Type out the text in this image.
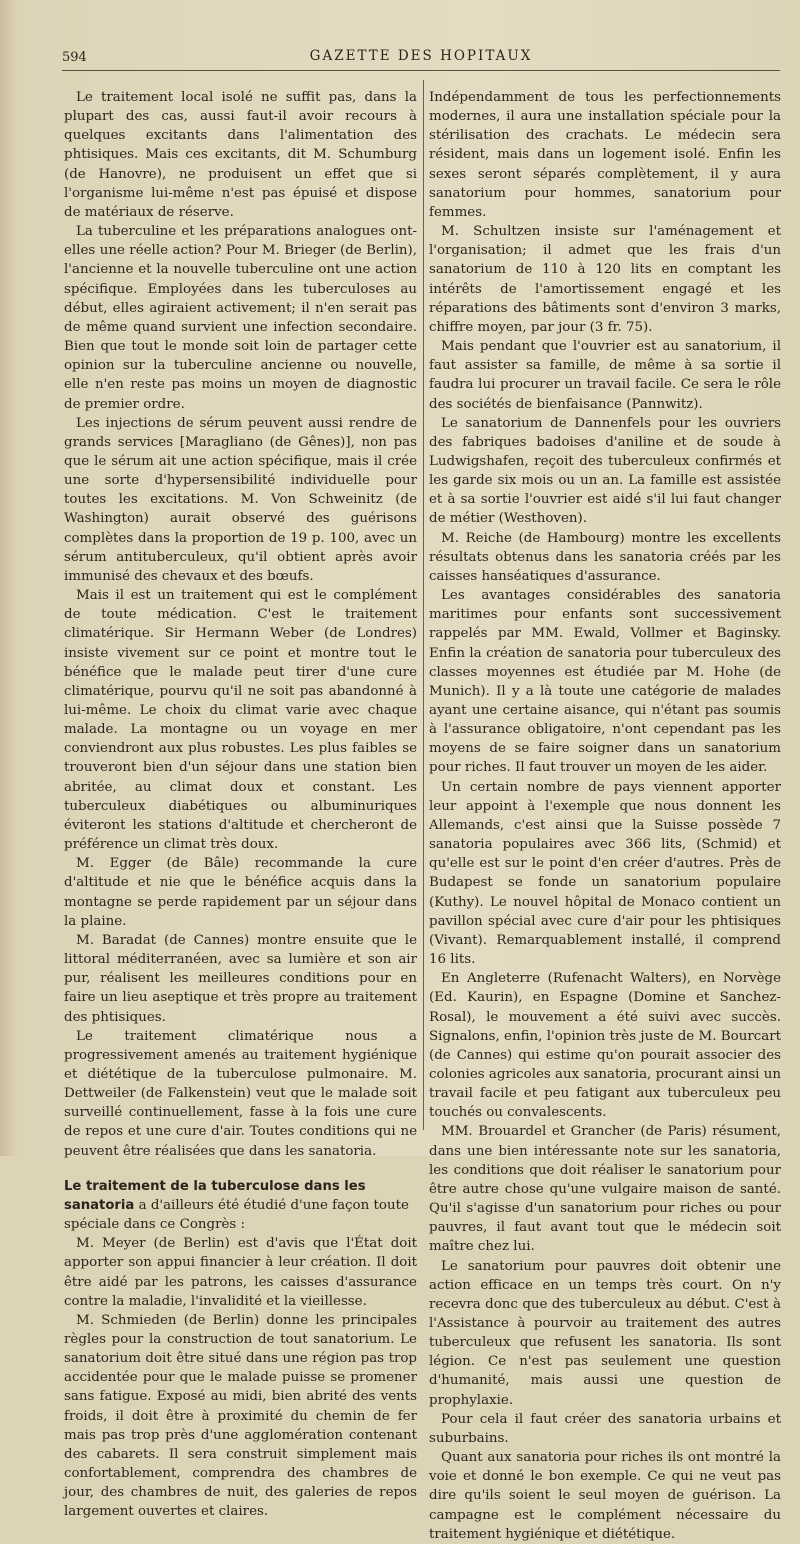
594	GAZETTE DES HOPITAUX

Le traitement local isolé ne suffit pas, dans la plupart des cas, aussi faut-il avoir recours à quelques excitants dans l'alimentation des phtisiques. Mais ces excitants, dit M. Schumburg (de Hanovre), ne produisent un effet que si l'organisme lui-même n'est pas épuisé et dispose de matériaux de réserve.

La tuberculine et les préparations analogues ont-elles une réelle action? Pour M. Brieger (de Berlin), l'ancienne et la nouvelle tuberculine ont une action spécifique. Employées dans les tuberculoses au début, elles agiraient activement; il n'en serait pas de même quand survient une infection secondaire. Bien que tout le monde soit loin de partager cette opinion sur la tuberculine ancienne ou nouvelle, elle n'en reste pas moins un moyen de diagnostic de premier ordre.

Les injections de sérum peuvent aussi rendre de grands services [Maragliano (de Gênes)], non pas que le sérum ait une action spécifique, mais il crée une sorte d'hypersensibilité individuelle pour toutes les excitations. M. Von Schweinitz (de Washington) aurait observé des guérisons complètes dans la proportion de 19 p. 100, avec un sérum antituberculeux, qu'il obtient après avoir immunisé des chevaux et des bœufs.

Mais il est un traitement qui est le complément de toute médication. C'est le traitement climatérique. Sir Hermann Weber (de Londres) insiste vivement sur ce point et montre tout le bénéfice que le malade peut tirer d'une cure climatérique, pourvu qu'il ne soit pas abandonné à lui-même. Le choix du climat varie avec chaque malade. La montagne ou un voyage en mer conviendront aux plus robustes. Les plus faibles se trouveront bien d'un séjour dans une station bien abritée, au climat doux et constant. Les tuberculeux diabétiques ou albuminuriques éviteront les stations d'altitude et chercheront de préférence un climat très doux.

M. Egger (de Bâle) recommande la cure d'altitude et nie que le bénéfice acquis dans la montagne se perde rapidement par un séjour dans la plaine.

M. Baradat (de Cannes) montre ensuite que le littoral méditerranéen, avec sa lumière et son air pur, réalisent les meilleures conditions pour en faire un lieu aseptique et très propre au traitement des phtisiques.

Le traitement climatérique nous a progressivement amenés au traitement hygiénique et diététique de la tuberculose pulmonaire. M. Dettweiler (de Falkenstein) veut que le malade soit surveillé continuellement, fasse à la fois une cure de repos et une cure d'air. Toutes conditions qui ne peuvent être réalisées que dans les sanatoria.

Le traitement de la tuberculose dans les sanatoria a d'ailleurs été étudié d'une façon toute spéciale dans ce Congrès :

M. Meyer (de Berlin) est d'avis que l'État doit apporter son appui financier à leur création. Il doit être aidé par les patrons, les caisses d'assurance contre la maladie, l'invalidité et la vieillesse.

M. Schmieden (de Berlin) donne les principales règles pour la construction de tout sanatorium. Le sanatorium doit être situé dans une région pas trop accidentée pour que le malade puisse se promener sans fatigue. Exposé au midi, bien abrité des vents froids, il doit être à proximité du chemin de fer mais pas trop près d'une agglomération contenant des cabarets. Il sera construit simplement mais confortablement, comprendra des chambres de jour, des chambres de nuit, des galeries de repos largement ouvertes et claires.

Indépendamment de tous les perfectionnements modernes, il aura une installation spéciale pour la stérilisation des crachats. Le médecin sera résident, mais dans un logement isolé. Enfin les sexes seront séparés complètement, il y aura sanatorium pour hommes, sanatorium pour femmes.

M. Schultzen insiste sur l'aménagement et l'organisation; il admet que les frais d'un sanatorium de 110 à 120 lits en comptant les intérêts de l'amortissement engagé et les réparations des bâtiments sont d'environ 3 marks, chiffre moyen, par jour (3 fr. 75).

Mais pendant que l'ouvrier est au sanatorium, il faut assister sa famille, de même à sa sortie il faudra lui procurer un travail facile. Ce sera le rôle des sociétés de bienfaisance (Pannwitz).

Le sanatorium de Dannenfels pour les ouvriers des fabriques badoises d'aniline et de soude à Ludwigshafen, reçoit des tuberculeux confirmés et les garde six mois ou un an. La famille est assistée et à sa sortie l'ouvrier est aidé s'il lui faut changer de métier (Westhoven).

M. Reiche (de Hambourg) montre les excellents résultats obtenus dans les sanatoria créés par les caisses hanséatiques d'assurance.

Les avantages considérables des sanatoria maritimes pour enfants sont successivement rappelés par MM. Ewald, Vollmer et Baginsky. Enfin la création de sanatoria pour tuberculeux des classes moyennes est étudiée par M. Hohe (de Munich). Il y a là toute une catégorie de malades ayant une certaine aisance, qui n'étant pas soumis à l'assurance obligatoire, n'ont cependant pas les moyens de se faire soigner dans un sanatorium pour riches. Il faut trouver un moyen de les aider.

Un certain nombre de pays viennent apporter leur appoint à l'exemple que nous donnent les Allemands, c'est ainsi que la Suisse possède 7 sanatoria populaires avec 366 lits, (Schmid) et qu'elle est sur le point d'en créer d'autres. Près de Budapest se fonde un sanatorium populaire (Kuthy). Le nouvel hôpital de Monaco contient un pavillon spécial avec cure d'air pour les phtisiques (Vivant). Remarquablement installé, il comprend 16 lits.

En Angleterre (Rufenacht Walters), en Norvège (Ed. Kaurin), en Espagne (Domine et Sanchez-Rosal), le mouvement a été suivi avec succès. Signalons, enfin, l'opinion très juste de M. Bourcart (de Cannes) qui estime qu'on pourait associer des colonies agricoles aux sanatoria, procurant ainsi un travail facile et peu fatigant aux tuberculeux peu touchés ou convalescents.

MM. Brouardel et Grancher (de Paris) résument, dans une bien intéressante note sur les sanatoria, les conditions que doit réaliser le sanatorium pour être autre chose qu'une vulgaire maison de santé. Qu'il s'agisse d'un sanatorium pour riches ou pour pauvres, il faut avant tout que le médecin soit maître chez lui.

Le sanatorium pour pauvres doit obtenir une action efficace en un temps très court. On n'y recevra donc que des tuberculeux au début. C'est à l'Assistance à pourvoir au traitement des autres tuberculeux que refusent les sanatoria. Ils sont légion. Ce n'est pas seulement une question d'humanité, mais aussi une question de prophylaxie.

Pour cela il faut créer des sanatoria urbains et suburbains.

Quant aux sanatoria pour riches ils ont montré la voie et donné le bon exemple. Ce qui ne veut pas dire qu'ils soient le seul moyen de guérison. La campagne est le complément nécessaire du traitement hygiénique et diététique.
